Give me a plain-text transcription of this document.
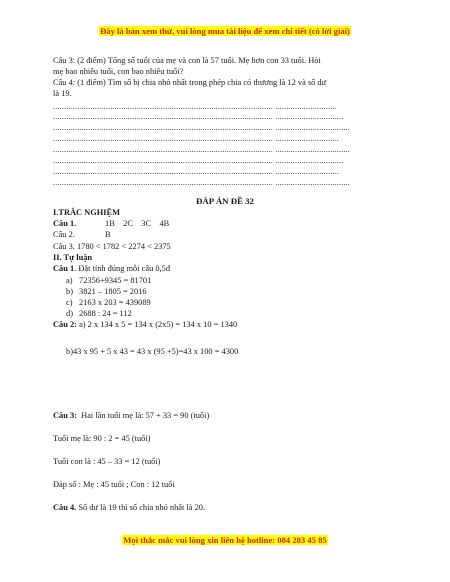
Đây là bản xem thử, vui lòng mua tài liệu để xem chi tiết (có lời giải)
Câu 3: (2 điểm) Tổng số tuổi của mẹ và con là 57 tuổi. Mẹ hơn con 33 tuổi. Hỏi
mẹ bao nhiêu tuổi, con bao nhiêu tuổi?
Câu 4: (1 điểm) Tìm số bị chia nhỏ nhất trong phép chia có thương là 12 và số dư
là 19.
.................................................................................................... ............................
.................................................................................................... ...............................
.................................................................................................... ..................................
.................................................................................................... .............................
.................................................................................................... ..................................
.................................................................................................... ...............................
.................................................................................................... .............................
.................................................................................................... ..................................
ĐÁP ÁN ĐỀ 32
I.TRẮC NGHIỆM
Câu 1.	1B    2C    3C    4B
Câu 2.	B
Câu 3. 1780 < 1782 < 2274 < 2375
II. Tự luận
Câu 1. Đặt tính đúng mỗi câu 0,5đ
a) 72356+9345 = 81701
b) 3821 – 1805 = 2016
c) 2163 x 203 = 439089
d) 2688 : 24 = 112
Câu 2: a) 2 x 134 x 5 = 134 x (2x5) = 134 x 10 = 1340
b)43 x 95 + 5 x 43 = 43 x (95 +5)=43 x 100 = 4300
Câu 3:  Hai lần tuổi mẹ là: 57 + 33 = 90 (tuổi)
Tuổi mẹ là: 90 : 2 = 45 (tuổi)
Tuổi con là : 45 – 33 = 12 (tuổi)
Đáp số : Mẹ : 45 tuổi ; Con : 12 tuổi
Câu 4. Số dư là 19 thì số chia nhỏ nhất là 20.
Mọi thắc mắc vui lòng xin liên hệ hotline: 084 283 45 85
